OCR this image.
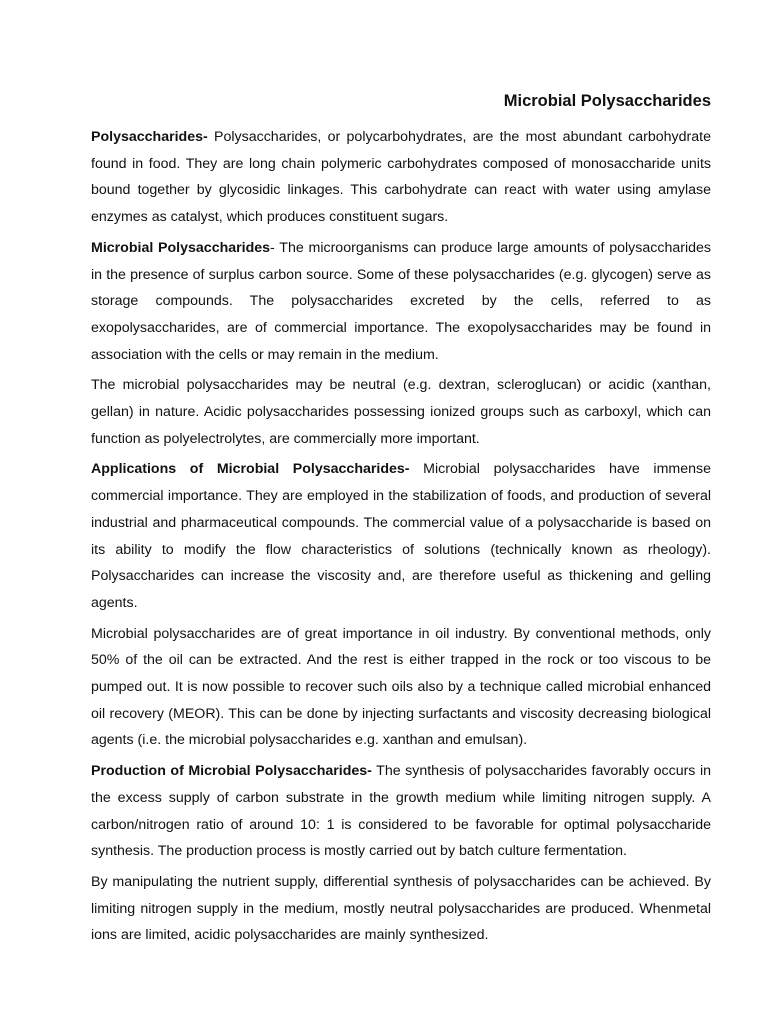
Microbial Polysaccharides

Polysaccharides- Polysaccharides, or polycarbohydrates, are the most abundant carbohydrate found in food. They are long chain polymeric carbohydrates composed of monosaccharide units bound together by glycosidic linkages. This carbohydrate can react with water using amylase enzymes as catalyst, which produces constituent sugars.

Microbial Polysaccharides- The microorganisms can produce large amounts of polysaccharides in the presence of surplus carbon source. Some of these polysaccharides (e.g. glycogen) serve as storage compounds. The polysaccharides excreted by the cells, referred to as exopolysaccharides, are of commercial importance. The exopolysaccharides may be found in association with the cells or may remain in the medium.

The microbial polysaccharides may be neutral (e.g. dextran, scleroglucan) or acidic (xanthan, gellan) in nature. Acidic polysaccharides possessing ionized groups such as carboxyl, which can function as polyelectrolytes, are commercially more important.

Applications of Microbial Polysaccharides- Microbial polysaccharides have immense commercial importance. They are employed in the stabilization of foods, and production of several industrial and pharmaceutical compounds. The commercial value of a polysaccharide is based on its ability to modify the flow characteristics of solutions (technically known as rheology). Polysaccharides can increase the viscosity and, are therefore useful as thickening and gelling agents.

Microbial polysaccharides are of great importance in oil industry. By conventional methods, only 50% of the oil can be extracted. And the rest is either trapped in the rock or too viscous to be pumped out. It is now possible to recover such oils also by a technique called microbial enhanced oil recovery (MEOR). This can be done by injecting surfactants and viscosity decreasing biological agents (i.e. the microbial polysaccharides e.g. xanthan and emulsan).

Production of Microbial Polysaccharides- The synthesis of polysaccharides favorably occurs in the excess supply of carbon substrate in the growth medium while limiting nitrogen supply. A carbon/nitrogen ratio of around 10: 1 is considered to be favorable for optimal polysaccharide synthesis. The production process is mostly carried out by batch culture fermentation.

By manipulating the nutrient supply, differential synthesis of polysaccharides can be achieved. By limiting nitrogen supply in the medium, mostly neutral polysaccharides are produced. Whenmetal ions are limited, acidic polysaccharides are mainly synthesized.
